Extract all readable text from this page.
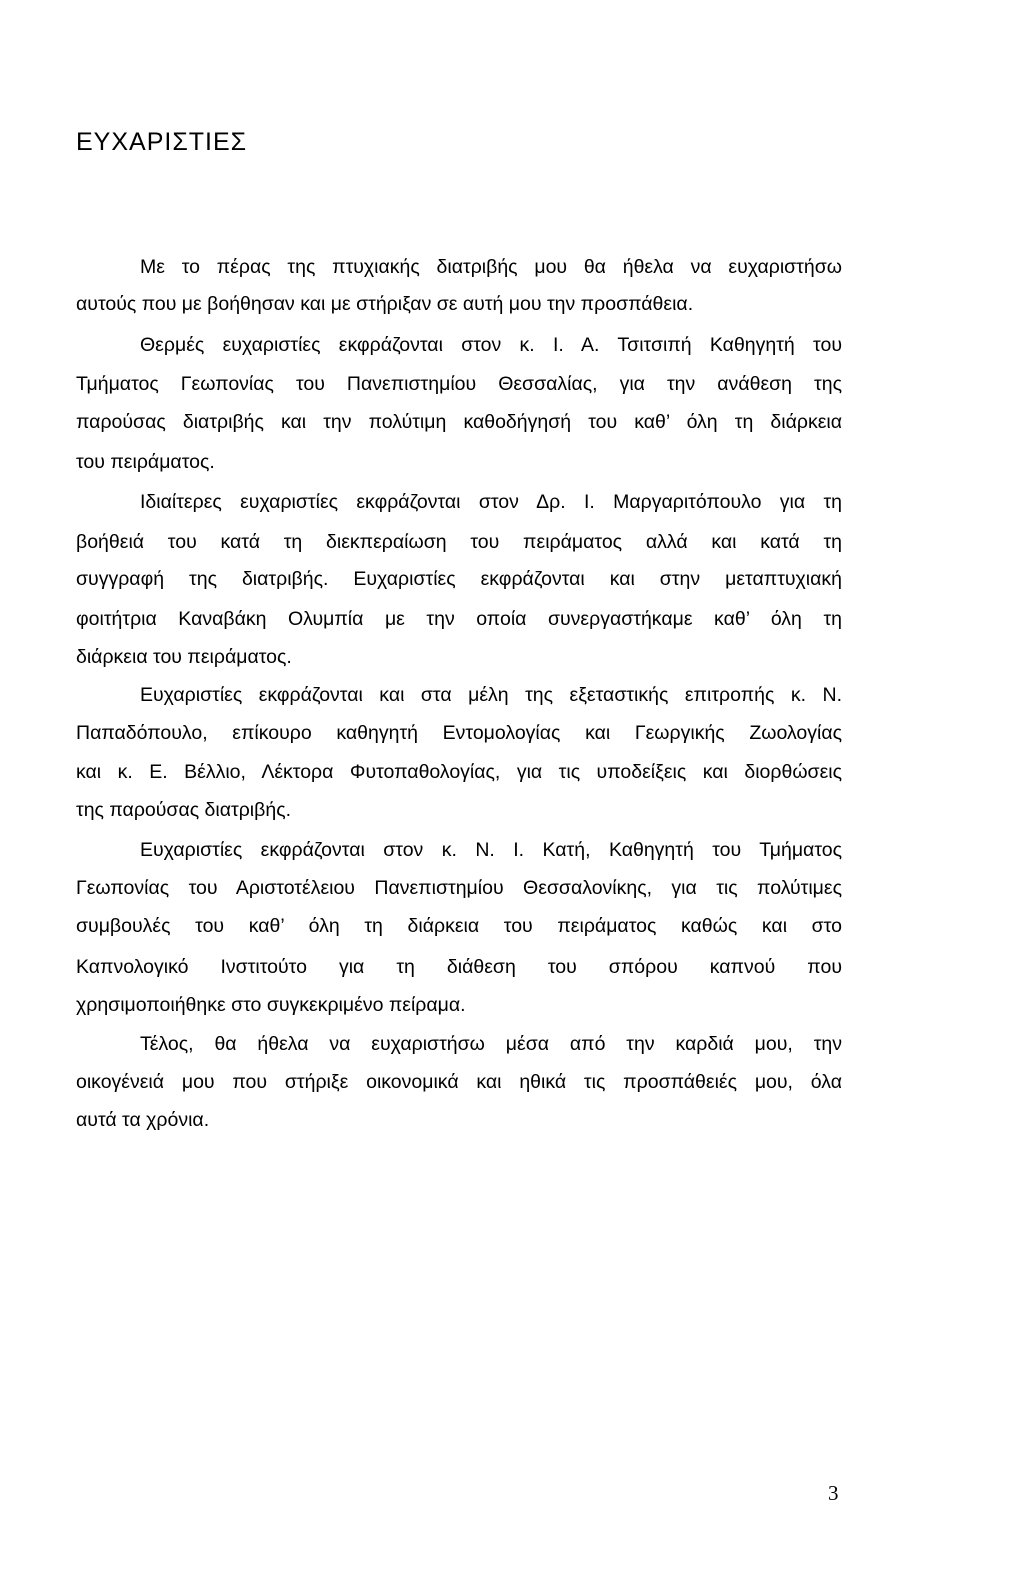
ΕΥΧΑΡΙΣΤΙΕΣ
Με το πέρας της πτυχιακής διατριβής μου θα ήθελα να ευχαριστήσω
αυτούς που με βοήθησαν και με στήριξαν σε αυτή μου την προσπάθεια.
Θερμές ευχαριστίες εκφράζονται στον κ. Ι. Α. Τσιτσιπή Καθηγητή του
Τμήματος Γεωπονίας του Πανεπιστημίου Θεσσαλίας, για την ανάθεση της
παρούσας διατριβής και την πολύτιμη καθοδήγησή του καθ’ όλη τη διάρκεια
του πειράματος.
Ιδιαίτερες ευχαριστίες εκφράζονται στον Δρ. Ι. Μαργαριτόπουλο για τη
βοήθειά του κατά τη διεκπεραίωση του πειράματος αλλά και κατά τη
συγγραφή της διατριβής. Ευχαριστίες εκφράζονται και στην μεταπτυχιακή
φοιτήτρια Καναβάκη Ολυμπία με την οποία συνεργαστήκαμε καθ’ όλη τη
διάρκεια του πειράματος.
Ευχαριστίες εκφράζονται και στα μέλη της εξεταστικής επιτροπής κ. Ν.
Παπαδόπουλο, επίκουρο καθηγητή Εντομολογίας και Γεωργικής Ζωολογίας
και κ. Ε. Βέλλιο, Λέκτορα Φυτοπαθολογίας, για τις υποδείξεις και διορθώσεις
της παρούσας διατριβής.
Ευχαριστίες εκφράζονται στον κ. Ν. Ι. Κατή, Καθηγητή του Τμήματος
Γεωπονίας του Αριστοτέλειου Πανεπιστημίου Θεσσαλονίκης, για τις πολύτιμες
συμβουλές του καθ’ όλη τη διάρκεια του πειράματος καθώς και στο
Καπνολογικό Ινστιτούτο για τη διάθεση του σπόρου καπνού που
χρησιμοποιήθηκε στο συγκεκριμένο πείραμα.
Τέλος, θα ήθελα να ευχαριστήσω μέσα από την καρδιά μου, την
οικογένειά μου που στήριξε οικονομικά και ηθικά τις προσπάθειές μου, όλα
αυτά τα χρόνια.
3
